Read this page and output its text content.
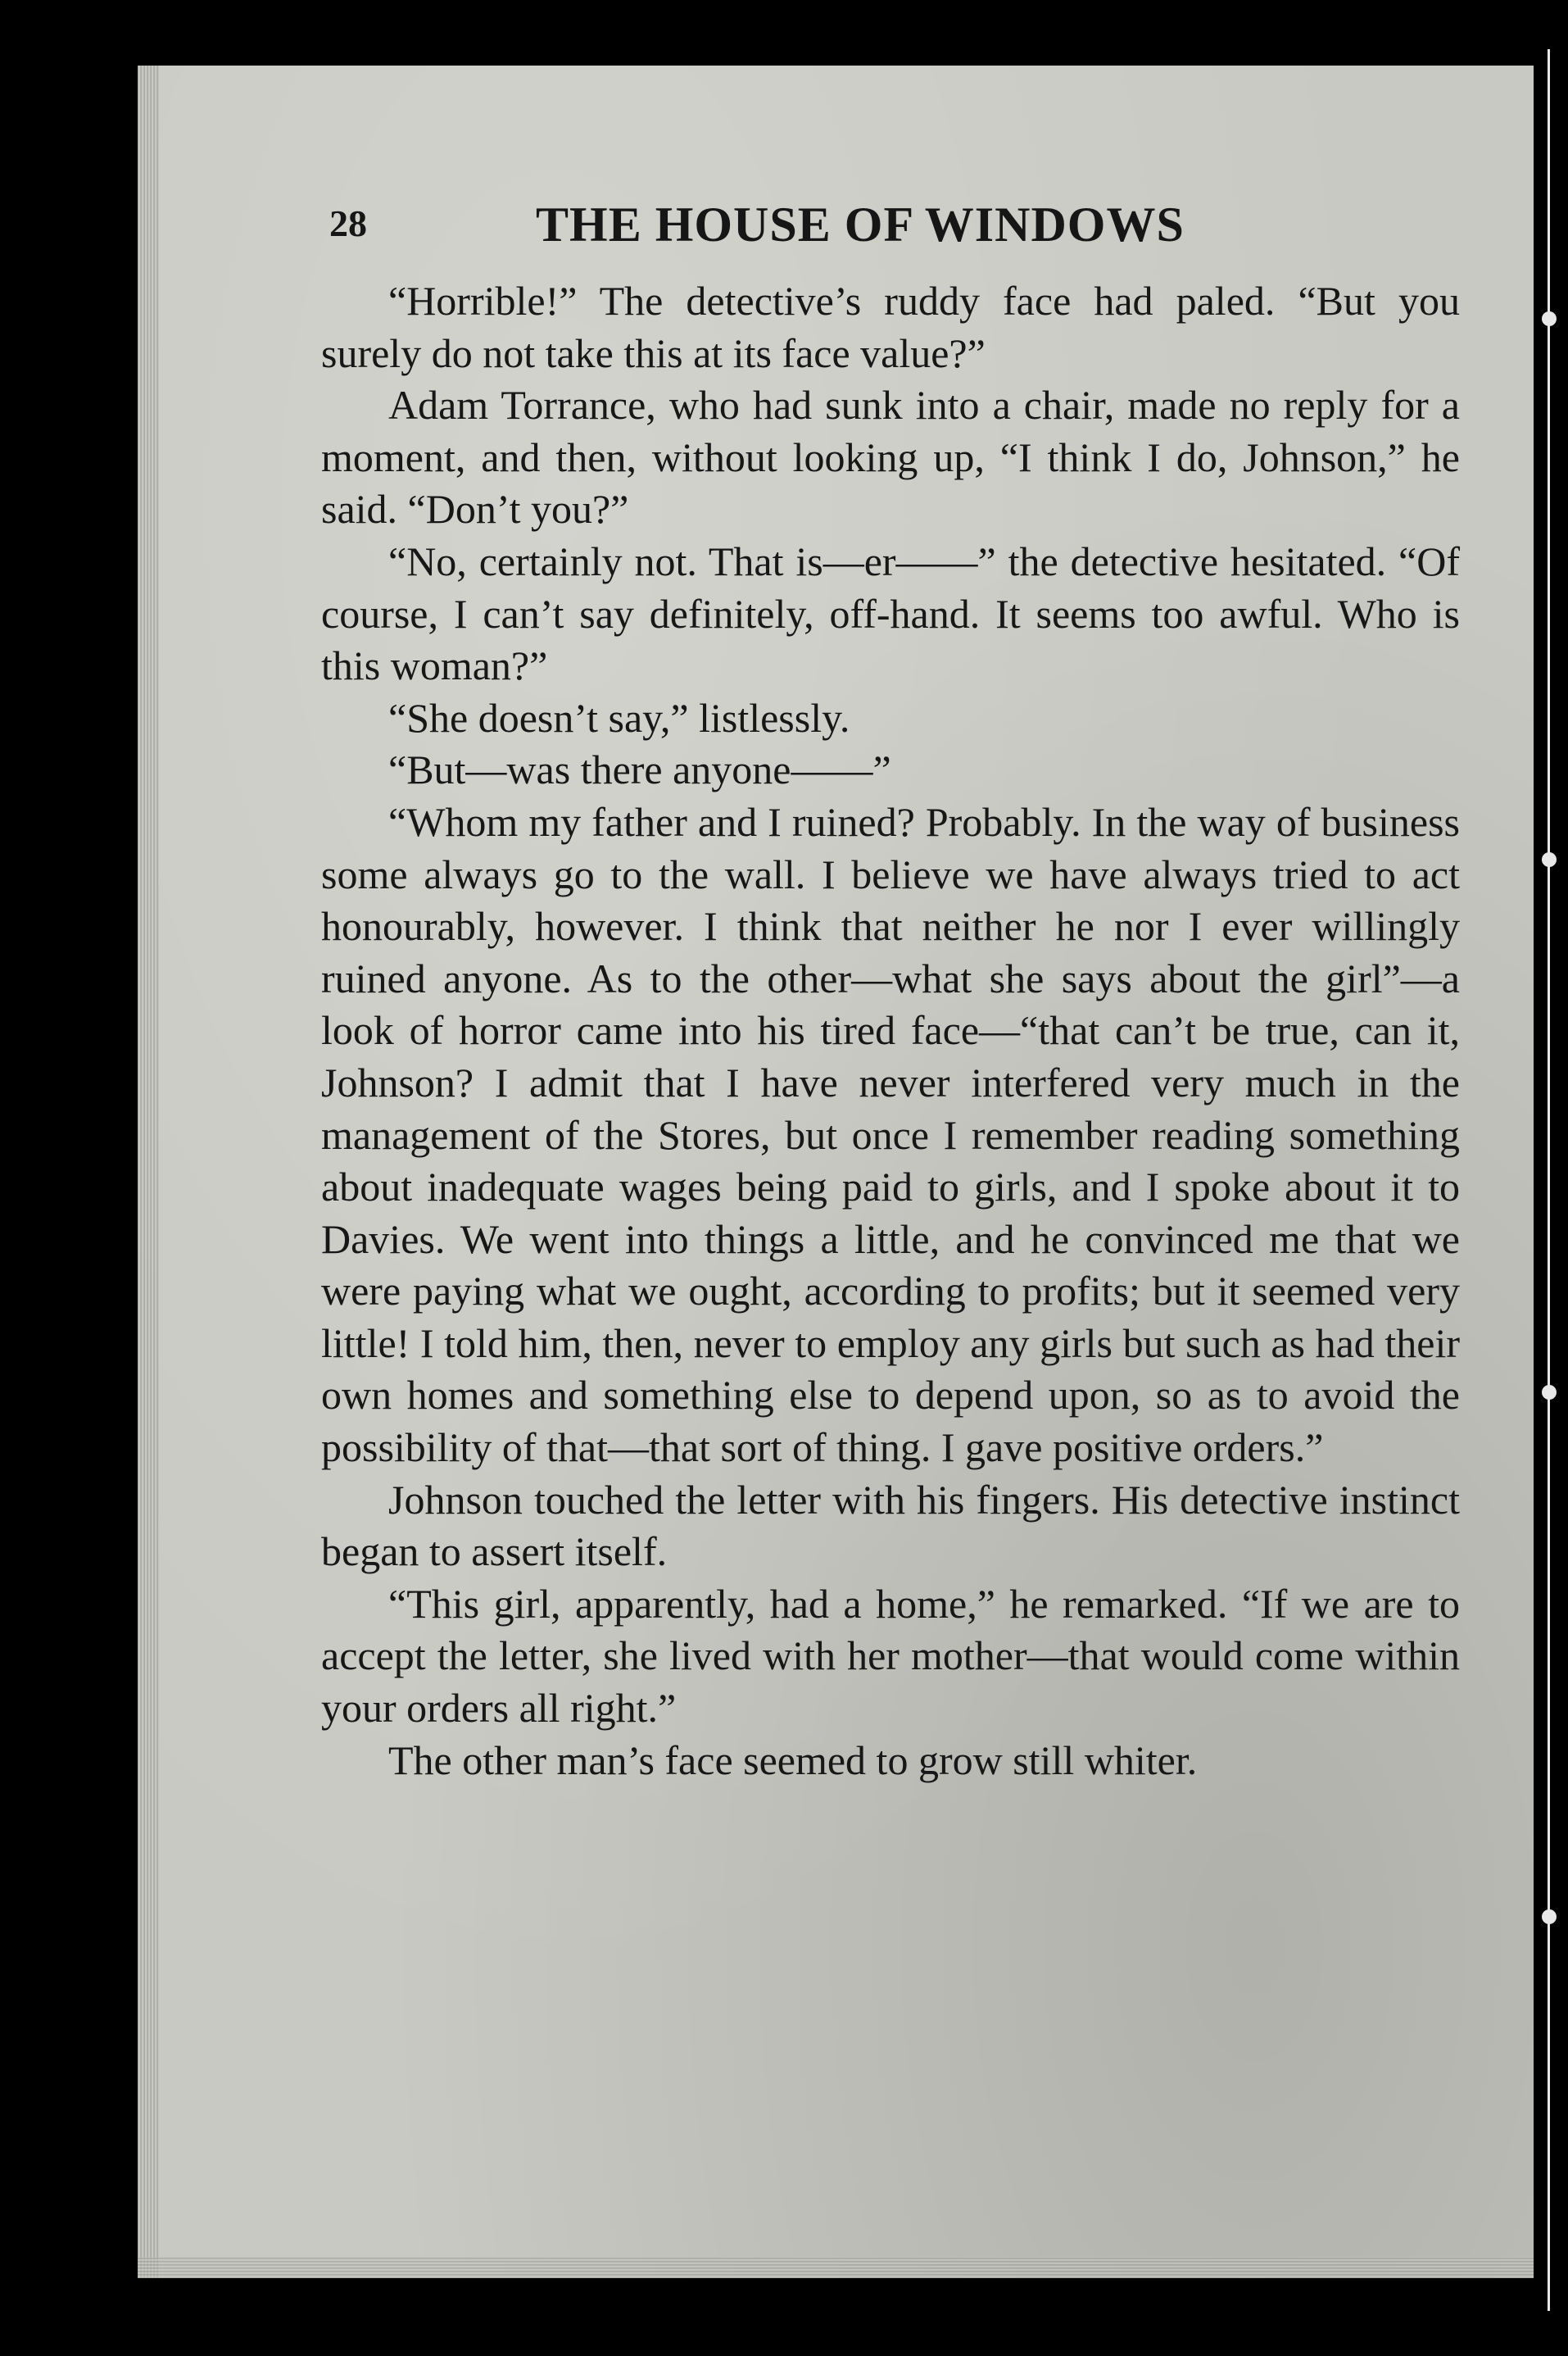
28	THE HOUSE OF WINDOWS

“Horrible!” The detective’s ruddy face had paled. “But you surely do not take this at its face value?”

Adam Torrance, who had sunk into a chair, made no reply for a moment, and then, without looking up, “I think I do, Johnson,” he said. “Don’t you?”

“No, certainly not. That is—er——” the detective hesitated. “Of course, I can’t say definitely, off-hand. It seems too awful. Who is this woman?”

“She doesn’t say,” listlessly.

“But—was there anyone——”

“Whom my father and I ruined? Probably. In the way of business some always go to the wall. I believe we have always tried to act honourably, however. I think that neither he nor I ever willingly ruined anyone. As to the other—what she says about the girl”—a look of horror came into his tired face—“that can’t be true, can it, Johnson? I admit that I have never interfered very much in the management of the Stores, but once I remember reading something about inadequate wages being paid to girls, and I spoke about it to Davies. We went into things a little, and he convinced me that we were paying what we ought, according to profits; but it seemed very little! I told him, then, never to employ any girls but such as had their own homes and something else to depend upon, so as to avoid the possibility of that—that sort of thing. I gave positive orders.”

Johnson touched the letter with his fingers. His detective instinct began to assert itself.

“This girl, apparently, had a home,” he remarked. “If we are to accept the letter, she lived with her mother—that would come within your orders all right.”

The other man’s face seemed to grow still whiter.
